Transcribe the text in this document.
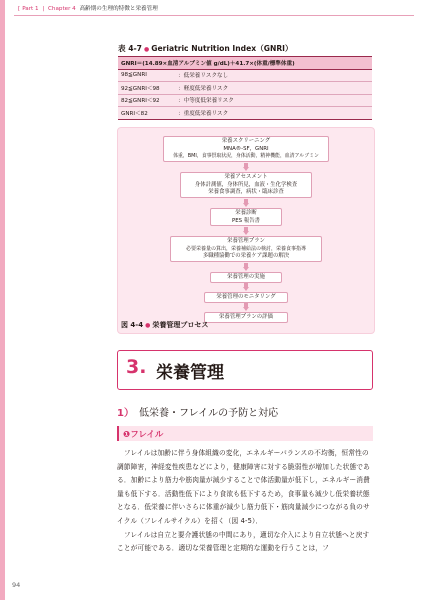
[ Part 1 | Chapter 4 高齢期の生理的特徴と栄養管理
表 4-7 ● Geriatric Nutrition Index（GNRI）
GNRI＝(14.89×血清アルブミン値 g/dL)＋41.7×(体重/標準体重)
98≦GNRI	：低栄養リスクなし
92≦GNRI＜98	：軽度低栄養リスク
82≦GNRI＜92	：中等度低栄養リスク
GNRI＜82	：重度低栄養リスク
栄養スクリーニング
MNA®-SF，GNRI
体重，BMI，食事摂取状況，身体活動，精神機能，血清アルブミン
栄養アセスメント
身体計測値，身体所見，血液・生化学検査
栄養食事調査，病状・臨床診査
栄養診断
PES 報告書
栄養管理プラン
必要栄養量の算出，栄養補給法の検討，栄養食事指導
多職種協働での栄養ケア課題の解決
栄養管理の実施
栄養管理のモニタリング
栄養管理プランの評価
図 4-4 ● 栄養管理プロセス
3. 栄養管理
1） 低栄養・フレイルの予防と対応
❶フレイル

　フレイルは加齢に伴う身体組織の変化，エネルギーバランスの不均衡，恒常性の調節障害，神経変性疾患などにより，健康障害に対する脆弱性が増加した状態である．加齢により筋力や筋肉量が減少することで体活動量が低下し，エネルギー消費量も低下する．活動性低下により食欲も低下するため，食事量も減少し低栄養状態となる．低栄養に伴いさらに体重が減少し筋力低下・筋肉量減少につながる負のサイクル（フレイルサイクル）を招く（図 4-5）．

　フレイルは自立と要介護状態の中間にあり，適切な介入により自立状態へと戻すことが可能である．適切な栄養管理と定期的な運動を行うことは，フ

94
